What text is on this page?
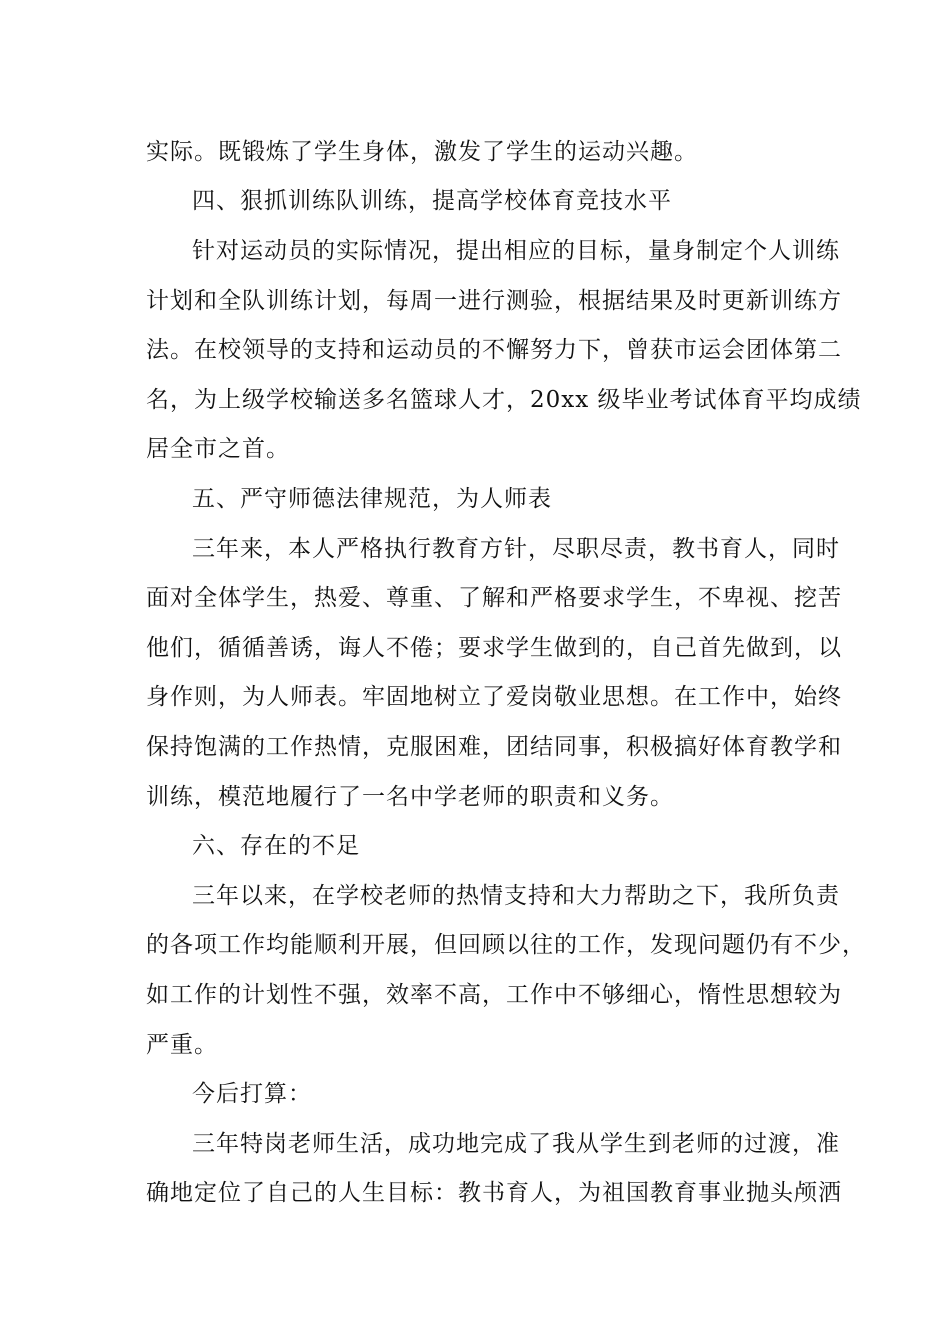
实际。既锻炼了学生身体，激发了学生的运动兴趣。
四、狠抓训练队训练，提高学校体育竞技水平
针对运动员的实际情况，提出相应的目标，量身制定个人训练
计划和全队训练计划，每周一进行测验，根据结果及时更新训练方
法。在校领导的支持和运动员的不懈努力下，曾获市运会团体第二
名，为上级学校输送多名篮球人才，20xx 级毕业考试体育平均成绩
居全市之首。
五、严守师德法律规范，为人师表
三年来，本人严格执行教育方针，尽职尽责，教书育人，同时
面对全体学生，热爱、尊重、了解和严格要求学生，不卑视、挖苦
他们，循循善诱，诲人不倦；要求学生做到的，自己首先做到，以
身作则，为人师表。牢固地树立了爱岗敬业思想。在工作中，始终
保持饱满的工作热情，克服困难，团结同事，积极搞好体育教学和
训练，模范地履行了一名中学老师的职责和义务。
六、存在的不足
三年以来，在学校老师的热情支持和大力帮助之下，我所负责
的各项工作均能顺利开展，但回顾以往的工作，发现问题仍有不少，
如工作的计划性不强，效率不高，工作中不够细心，惰性思想较为
严重。
今后打算：
三年特岗老师生活，成功地完成了我从学生到老师的过渡，准
确地定位了自己的人生目标：教书育人，为祖国教育事业抛头颅洒
